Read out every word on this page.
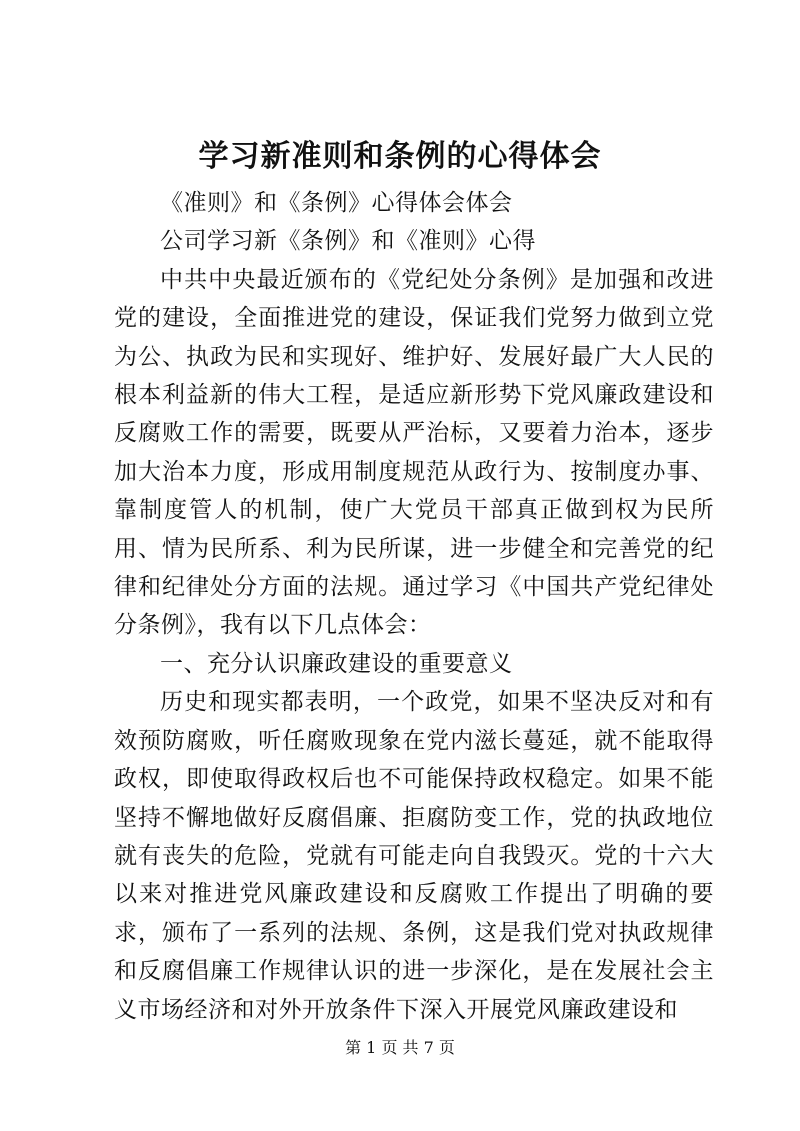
学习新准则和条例的心得体会

《准则》和《条例》心得体会体会

公司学习新《条例》和《准则》心得

中共中央最近颁布的《党纪处分条例》是加强和改进党的建设，全面推进党的建设，保证我们党努力做到立党为公、执政为民和实现好、维护好、发展好最广大人民的根本利益新的伟大工程，是适应新形势下党风廉政建设和反腐败工作的需要，既要从严治标，又要着力治本，逐步加大治本力度，形成用制度规范从政行为、按制度办事、靠制度管人的机制，使广大党员干部真正做到权为民所用、情为民所系、利为民所谋，进一步健全和完善党的纪律和纪律处分方面的法规。通过学习《中国共产党纪律处分条例》，我有以下几点体会：

一、充分认识廉政建设的重要意义

历史和现实都表明，一个政党，如果不坚决反对和有效预防腐败，听任腐败现象在党内滋长蔓延，就不能取得政权，即使取得政权后也不可能保持政权稳定。如果不能坚持不懈地做好反腐倡廉、拒腐防变工作，党的执政地位就有丧失的危险，党就有可能走向自我毁灭。党的十六大以来对推进党风廉政建设和反腐败工作提出了明确的要求，颁布了一系列的法规、条例，这是我们党对执政规律和反腐倡廉工作规律认识的进一步深化，是在发展社会主义市场经济和对外开放条件下深入开展党风廉政建设和

第 1 页 共 7 页
